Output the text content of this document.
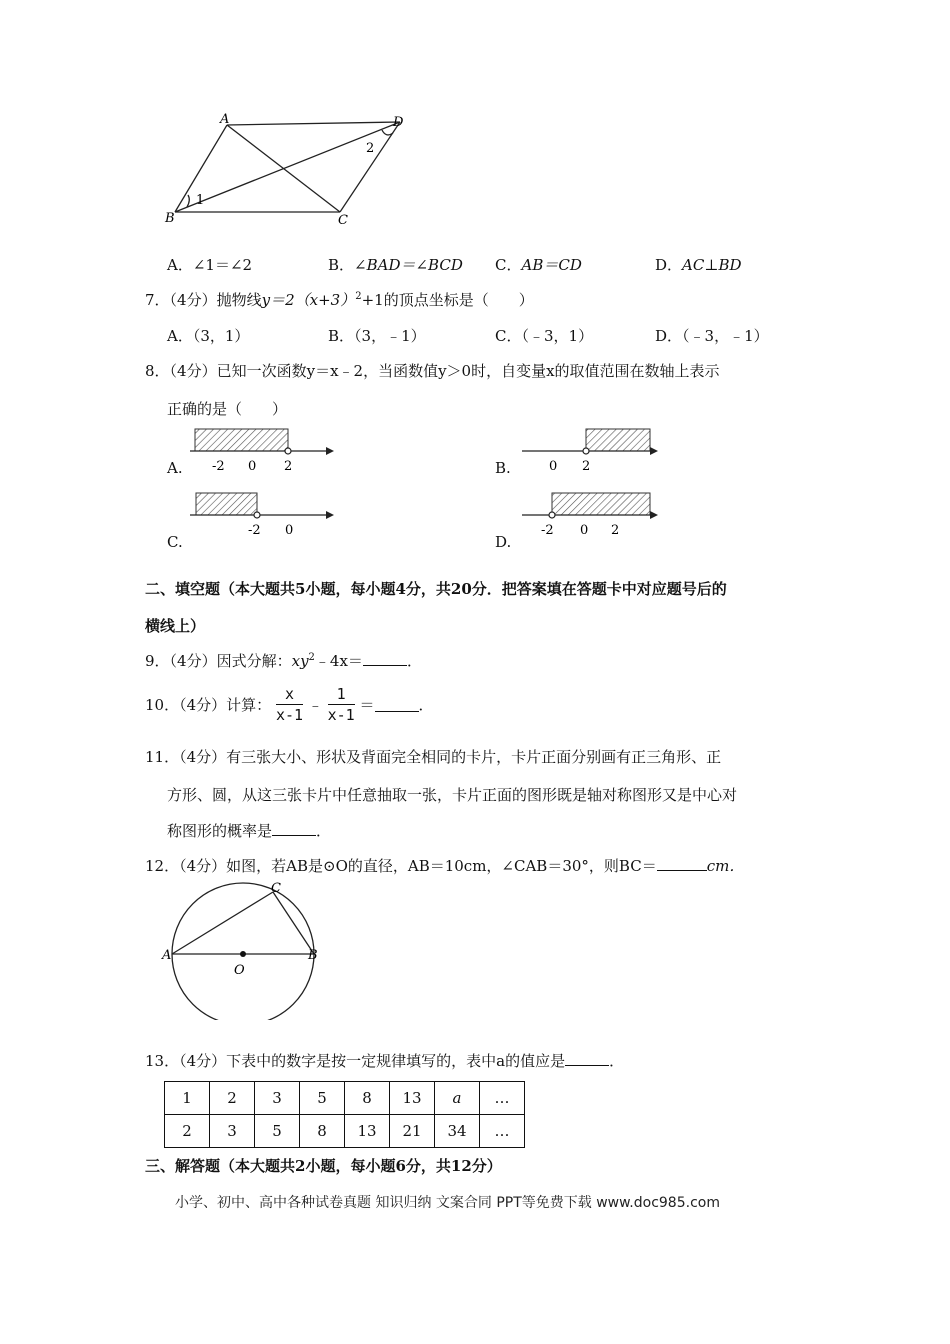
A	D
B	C
1
2
A．∠1＝∠2	B．∠BAD＝∠BCD C．AB＝CD	D．AC⊥BD
7．（4分）抛物线$y=2(x+3)^2+1$的顶点坐标是（　　）
A．（3，1）	B．（3，﹣1）	C．（﹣3，1）	D．（﹣3，﹣1）
8．（4分）已知一次函数y＝x﹣2，当函数值y＞0时，自变量x的取值范围在数轴上表示
正确的是（　　）
A. -2 0 2	B.	0 2
C.
-2 0
D.
-2 0 2
二、填空题（本大题共5小题，每小题4分，共20分．把答案填在答题卡中对应题号后的
横线上）
9．（4分）因式分解：$xy^2﹣4x=$	．
10．（4分）计算： $\frac{x}{x-1}$ ﹣ $\frac{1}{x-1}$ ＝	．
11．（4分）有三张大小、形状及背面完全相同的卡片，卡片正面分别画有正三角形、正
方形、圆，从这三张卡片中任意抽取一张，卡片正面的图形既是轴对称图形又是中心对
称图形的概率是	．
12．（4分）如图，若AB是⊙O的直径，AB＝10cm，∠CAB＝30°，则BC＝	cm．
A	B
C
O
13．（4分）下表中的数字是按一定规律填写的，表中a的值应是	．
1	2	3	5	8	13	a	…
2	3	5	8	13	21	34	…
三、解答题（本大题共2小题，每小题6分，共12分）
小学、初中、高中各种试卷真题 知识归纳 文案合同 PPT等免费下载 www.doc985.com
